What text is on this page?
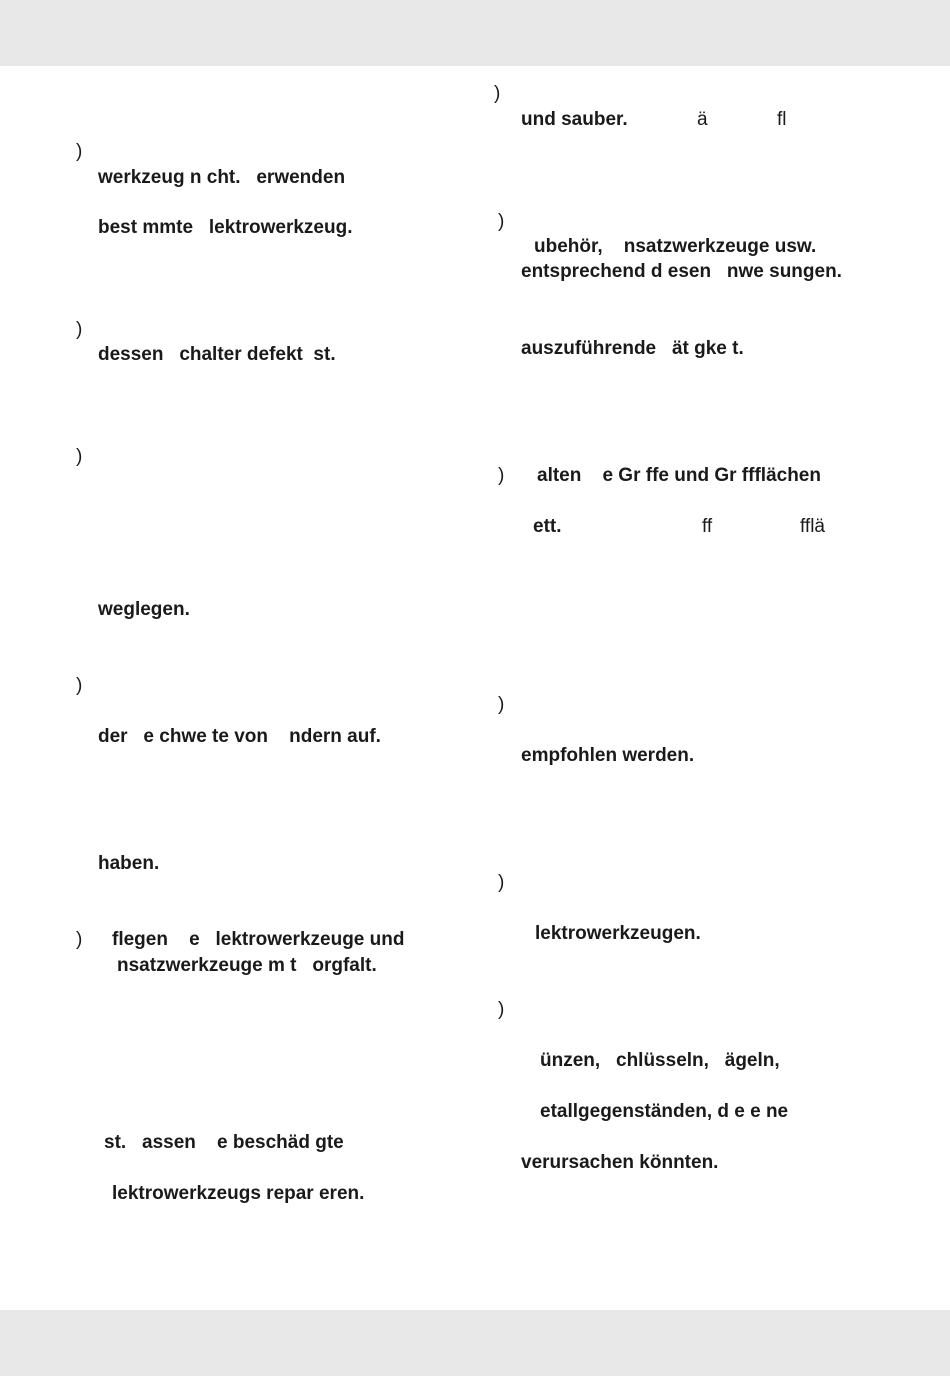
)
werkzeug n cht.   erwenden
best mmte   lektrowerkzeug.
)
dessen   chalter defekt  st.
)
weglegen.
)
der   e chwe te von    ndern auf.
haben.
) flegen    e   lektrowerkzeuge und
nsatzwerkzeuge m t   orgfalt.
st.   assen    e beschäd gte
lektrowerkzeugs repar eren.
)
und sauber.	ä	fl
)
ubehör,    nsatzwerkzeuge usw.
entsprechend d esen   nwe sungen.
auszuführende   ät gke t.
) alten    e Gr ffe und Gr ffflächen
ett.	ff	fflä
)
empfohlen werden.
)
lektrowerkzeugen.
)
ünzen,   chlüsseln,   ägeln,
etallgegenständen, d e e ne
verursachen könnten.
